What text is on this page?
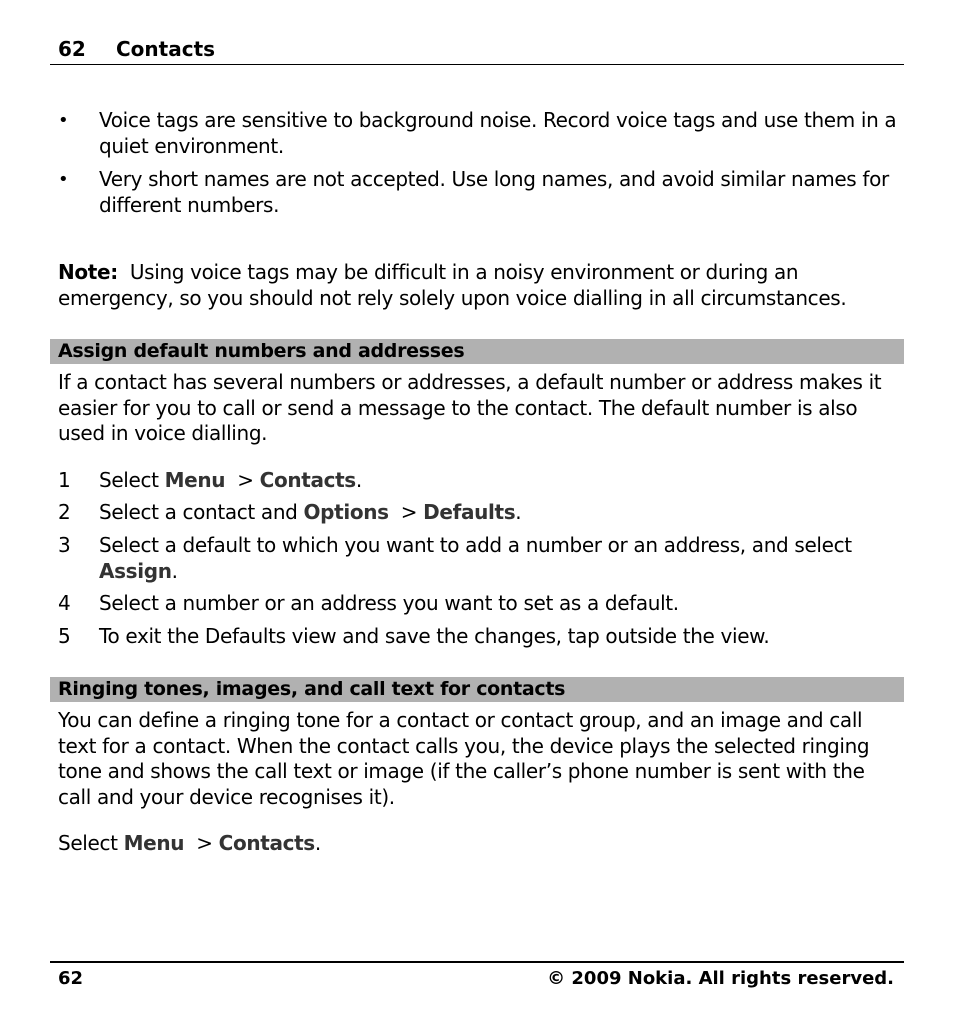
62 Contacts
• Voice tags are sensitive to background noise. Record voice tags and use them in a quiet environment.
• Very short names are not accepted. Use long names, and avoid similar names for different numbers.
Note: Using voice tags may be difficult in a noisy environment or during an emergency, so you should not rely solely upon voice dialling in all circumstances.
Assign default numbers and addresses
If a contact has several numbers or addresses, a default number or address makes it easier for you to call or send a message to the contact. The default number is also used in voice dialling.
1 Select Menu > Contacts.
2 Select a contact and Options > Defaults.
3 Select a default to which you want to add a number or an address, and select Assign.
4 Select a number or an address you want to set as a default.
5 To exit the Defaults view and save the changes, tap outside the view.
Ringing tones, images, and call text for contacts
You can define a ringing tone for a contact or contact group, and an image and call text for a contact. When the contact calls you, the device plays the selected ringing tone and shows the call text or image (if the caller’s phone number is sent with the call and your device recognises it).
Select Menu > Contacts.
62	© 2009 Nokia. All rights reserved.
